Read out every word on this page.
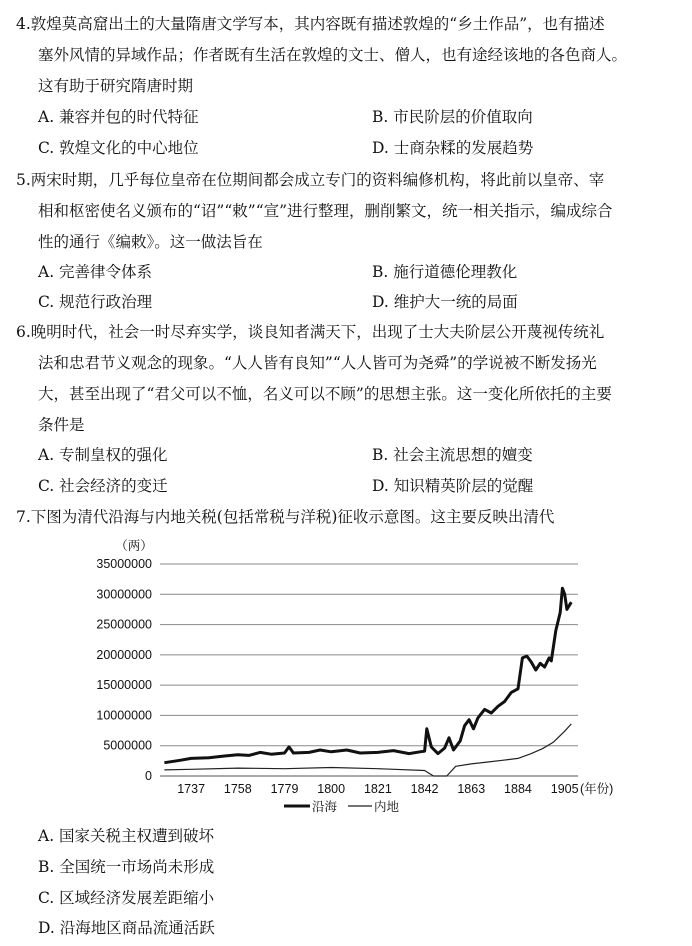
4.敦煌莫高窟出土的大量隋唐文学写本，其内容既有描述敦煌的“乡土作品”，也有描述
塞外风情的异域作品；作者既有生活在敦煌的文士、僧人，也有途经该地的各色商人。
这有助于研究隋唐时期
A. 兼容并包的时代特征	B. 市民阶层的价值取向
C. 敦煌文化的中心地位	D. 士商杂糅的发展趋势
5.两宋时期，几乎每位皇帝在位期间都会成立专门的资料编修机构，将此前以皇帝、宰
相和枢密使名义颁布的“诏”“敕”“宣”进行整理，删削繁文，统一相关指示，编成综合
性的通行《编敕》。这一做法旨在
A. 完善律令体系	B. 施行道德伦理教化
C. 规范行政治理	D. 维护大一统的局面
6.晚明时代，社会一时尽弃实学，谈良知者满天下，出现了士大夫阶层公开蔑视传统礼
法和忠君节义观念的现象。“人人皆有良知”“人人皆可为尧舜”的学说被不断发扬光
大，甚至出现了“君父可以不恤，名义可以不顾”的思想主张。这一变化所依托的主要
条件是
A. 专制皇权的强化	B. 社会主流思想的嬗变
C. 社会经济的变迁	D. 知识精英阶层的觉醒
7.下图为清代沿海与内地关税(包括常税与洋税)征收示意图。这主要反映出清代
0
5000000
10000000
15000000
20000000
25000000
30000000
35000000
1737 1758 1779 1800 1821 1842 1863 1884 1905
（两）
(年份)
沿海	内地
A. 国家关税主权遭到破坏
B. 全国统一市场尚未形成
C. 区域经济发展差距缩小
D. 沿海地区商品流通活跃
